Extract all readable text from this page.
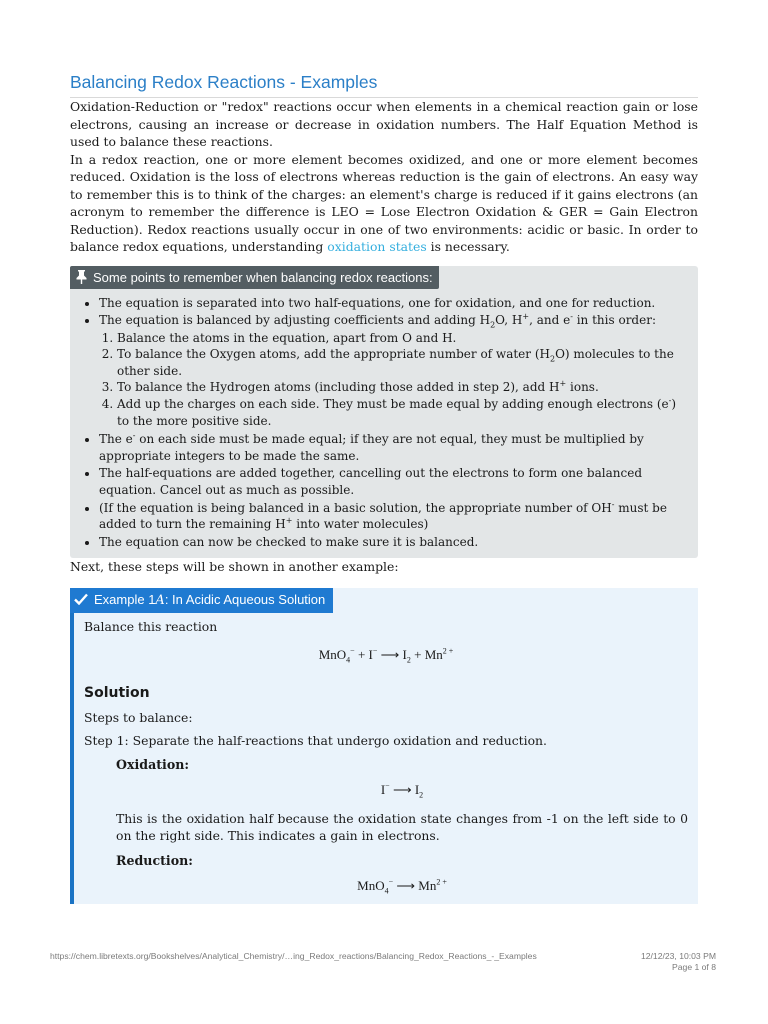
Balancing Redox Reactions - Examples

Oxidation-Reduction or "redox" reactions occur when elements in a chemical reaction gain or lose electrons, causing an increase or decrease in oxidation numbers. The Half Equation Method is used to balance these reactions.

In a redox reaction, one or more element becomes oxidized, and one or more element becomes reduced. Oxidation is the loss of electrons whereas reduction is the gain of electrons. An easy way to remember this is to think of the charges: an element's charge is reduced if it gains electrons (an acronym to remember the difference is LEO = Lose Electron Oxidation & GER = Gain Electron Reduction). Redox reactions usually occur in one of two environments: acidic or basic. In order to balance redox equations, understanding oxidation states is necessary.

Some points to remember when balancing redox reactions:
• The equation is separated into two half-equations, one for oxidation, and one for reduction.
• The equation is balanced by adjusting coefficients and adding $H_2O$, H+, and e- in this order:
1. Balance the atoms in the equation, apart from O and H.
2. To balance the Oxygen atoms, add the appropriate number of water $(H_2O)$ molecules to the other side.
3. To balance the Hydrogen atoms (including those added in step 2), add H+ ions.
4. Add up the charges on each side. They must be made equal by adding enough electrons (e-) to the more positive side.
• The e- on each side must be made equal; if they are not equal, they must be multiplied by appropriate integers to be made the same.
• The half-equations are added together, cancelling out the electrons to form one balanced equation. Cancel out as much as possible.
• (If the equation is being balanced in a basic solution, the appropriate number of OH- must be added to turn the remaining H+ into water molecules)
• The equation can now be checked to make sure it is balanced.

Next, these steps will be shown in another example:

Example 1A: In Acidic Aqueous Solution

Balance this reaction

MnO$_4$− + I− ⟶ $I_2 + Mn^{2 +}$
Solution

Steps to balance:

Step 1: Separate the half-reactions that undergo oxidation and reduction.

Oxidation:

I− ⟶ $I_2$

This is the oxidation half because the oxidation state changes from -1 on the left side to 0 on the right side. This indicates a gain in electrons.

Reduction:

MnO$_4$− ⟶ $Mn^{2 +}$
https://chem.libretexts.org/Bookshelves/Analytical_Chemistry/…ing_Redox_reactions/Balancing_Redox_Reactions_-_Examples	12/12/23, 10:03 PM
Page 1 of 8
